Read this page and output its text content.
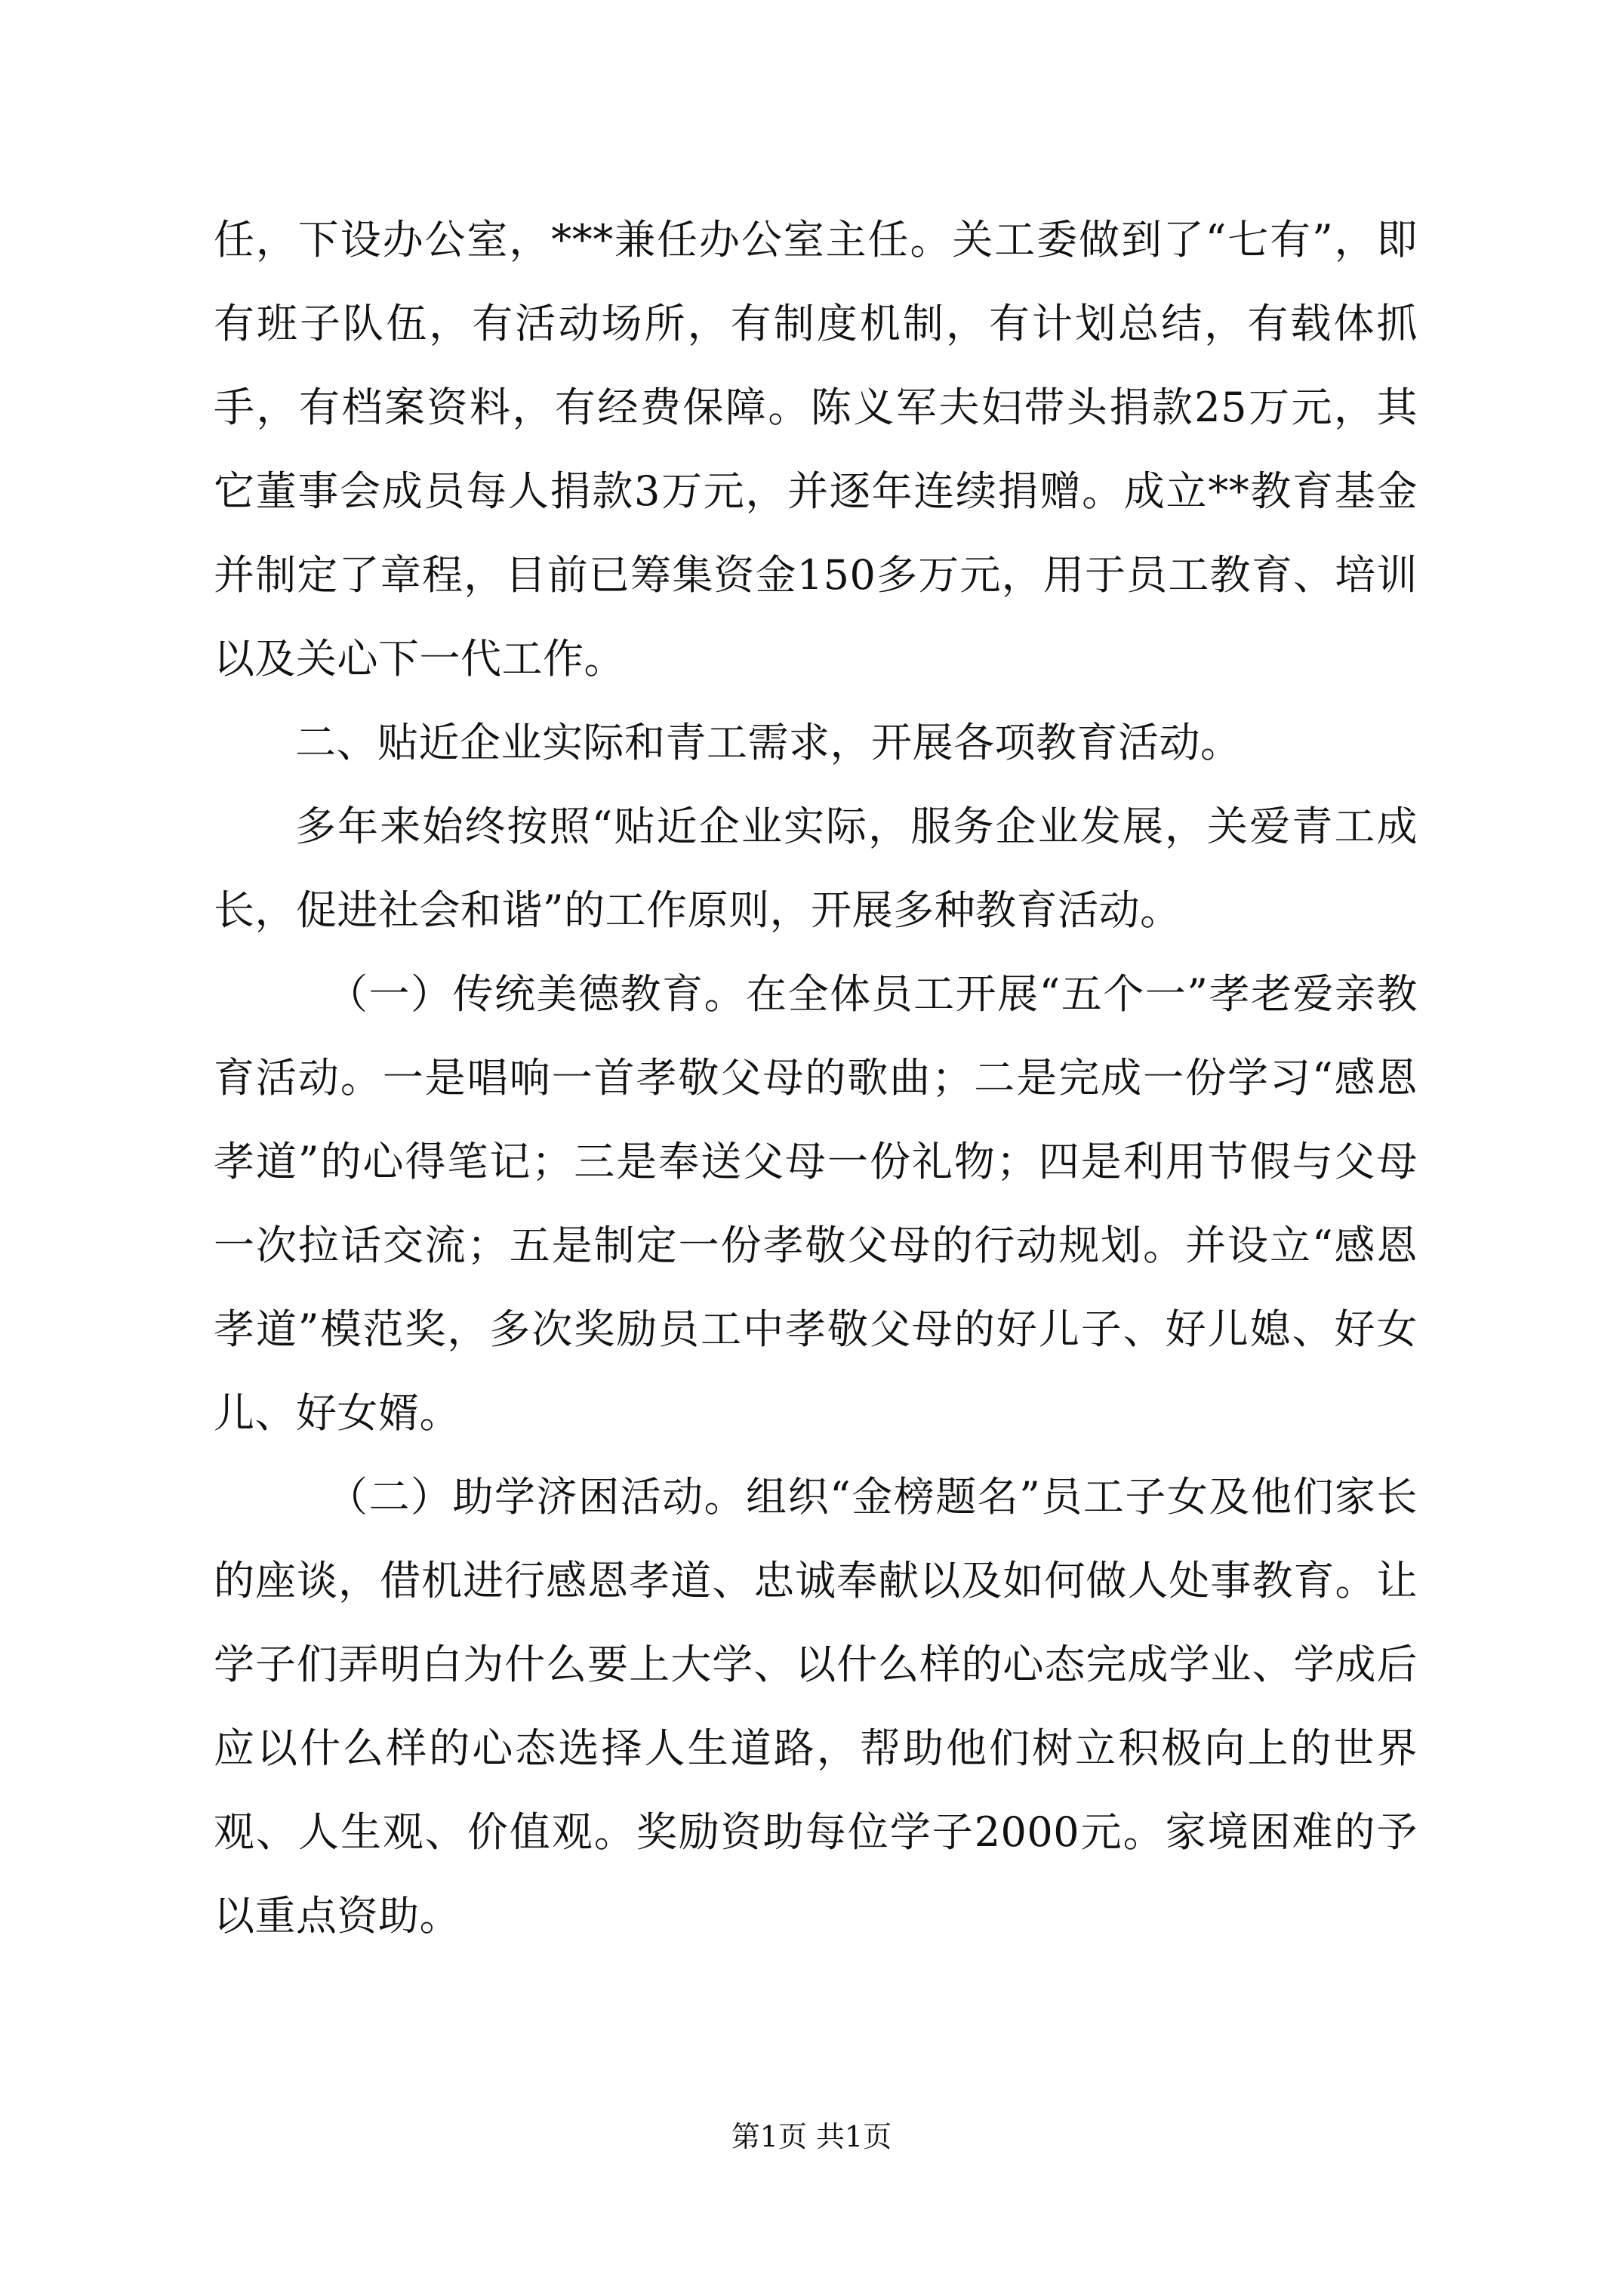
任，下设办公室，***兼任办公室主任。关工委做到了“七有”，即有班子队伍，有活动场所，有制度机制，有计划总结，有载体抓手，有档案资料，有经费保障。陈义军夫妇带头捐款25万元，其它董事会成员每人捐款3万元，并逐年连续捐赠。成立**教育基金并制定了章程，目前已筹集资金150多万元，用于员工教育、培训以及关心下一代工作。

二、贴近企业实际和青工需求，开展各项教育活动。

多年来始终按照“贴近企业实际，服务企业发展，关爱青工成长，促进社会和谐”的工作原则，开展多种教育活动。

（一）传统美德教育。在全体员工开展“五个一”孝老爱亲教育活动。一是唱响一首孝敬父母的歌曲；二是完成一份学习“感恩孝道”的心得笔记；三是奉送父母一份礼物；四是利用节假与父母一次拉话交流；五是制定一份孝敬父母的行动规划。并设立“感恩孝道”模范奖，多次奖励员工中孝敬父母的好儿子、好儿媳、好女儿、好女婿。

（二）助学济困活动。组织“金榜题名”员工子女及他们家长的座谈，借机进行感恩孝道、忠诚奉献以及如何做人处事教育。让学子们弄明白为什么要上大学、以什么样的心态完成学业、学成后应以什么样的心态选择人生道路，帮助他们树立积极向上的世界观、人生观、价值观。奖励资助每位学子2000元。家境困难的予以重点资助。

第1页 共1页
